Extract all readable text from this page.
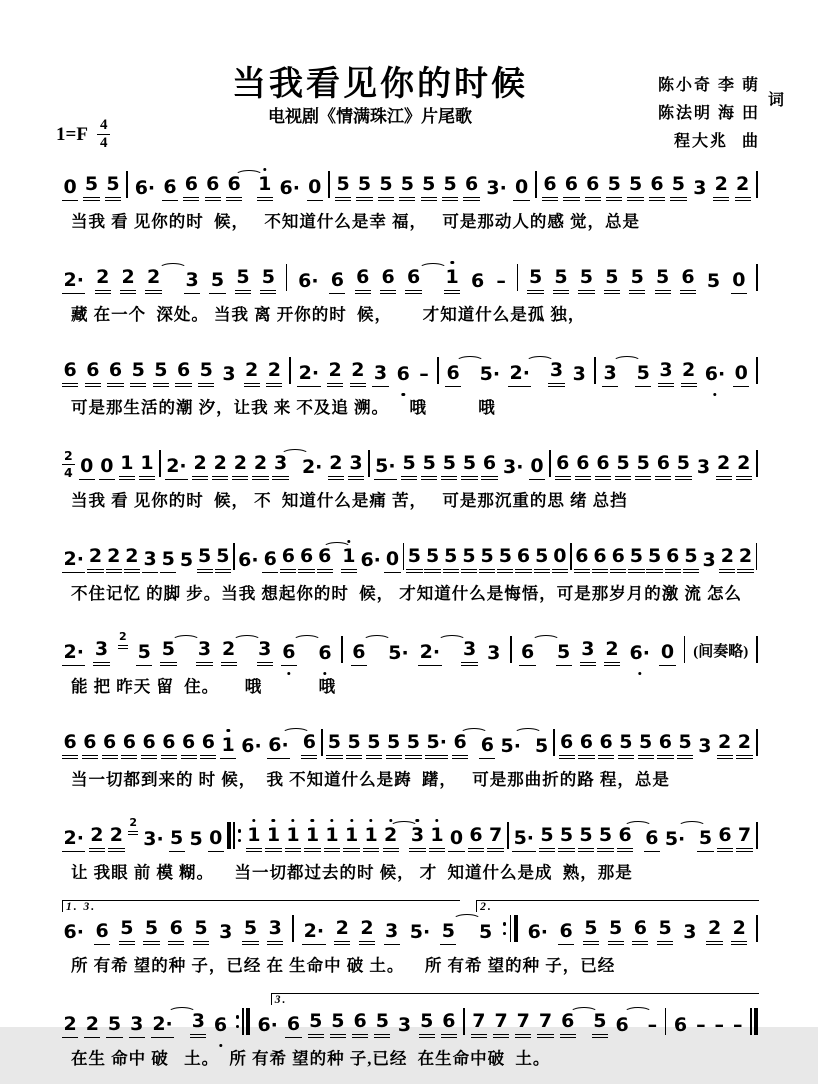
当我看见你的时候
电视剧《情满珠江》片尾歌
陈小奇 李 萌
陈法明 海 田
程大兆 曲
词
$1=F \frac{4}{4}$
0 5 5 6· 6 6 6 6 1 6· 0 5 5 5 5 5 5 6 3· 0 6 6 6 5 5 6 5 3 2 2
当我 看 见你的时  候，   不知道什么是幸 福，   可是那动人的感 觉，总是
2· 2 2 2 3 5 5 5 6· 6 6 6 6 1 6 – 5 5 5 5 5 5 6 5 0
藏 在一个  深处。 当我 离 开你的时  候，      才知道什么是孤 独，
6 6 6 5 5 6 5 3 2 2 2· 2 2 3 6 – 6 5· 2· 3 3 3 5 3 2 6· 0
可是那生活的潮 汐，让我 来 不及追 溯。    哦          哦
$\frac{2}{4} 0$ 0 1 1 2· 2 2 2 2 3 2· 2 3 5· 5 5 5 5 6 3· 0 6 6 6 5 5 6 5 3 2 2
当我 看 见你的时  候， 不  知道什么是痛 苦，   可是那沉重的思 绪 总挡
2· 2 2 2 3 5 5 5 5 6· 6 6 6 6 1 6· 0 5 5 5 5 5 5 6 5 0 6 6 6 5 5 6 5 3 2 2
不住记忆 的脚 步。当我 想起你的时  候， 才知道什么是悔悟，可是那岁月的激 流 怎么
2· 3
2
5 5 3 2 3 6 6 6 5· 2· 3 3 6 5 3 2 6· 0 (间奏略)
能 把 昨天 留  住。     哦           哦
6 6 6 6 6 6 6 6 1 6· 6· 6 5 5 5 5 5 5· 6 6 5· 5 6 6 6 5 5 6 5 3 2 2
当一切都到来的 时 候，  我 不知道什么是踌  躇，   可是那曲折的路 程，总是
2· 2 2
2
3· 5 5 0 1 1 1 1 1 1 1 2 3 1 0 6 7 5· 5 5 5 5 6 6 5· 5 6 7
让 我眼 前 模 糊。    当一切都过去的时 候， 才  知道什么是成  熟，那是
1. 3.	2.
6· 6 5 5 6 5 3 5 3 2· 2 2 3 5· 5 5 6· 6 5 5 6 5 3 2 2
所 有希 望的种 子，已经 在 生命中 破 土。    所 有希 望的种 子，已经
3.
2 2 5 3 2· 3 6 6· 6 5 5 6 5 3 5 6 7 7 7 7 6 5 6 – 6 – – –
在生 命中 破   土。  所 有希 望的种 子,已经  在生命中破  土。
